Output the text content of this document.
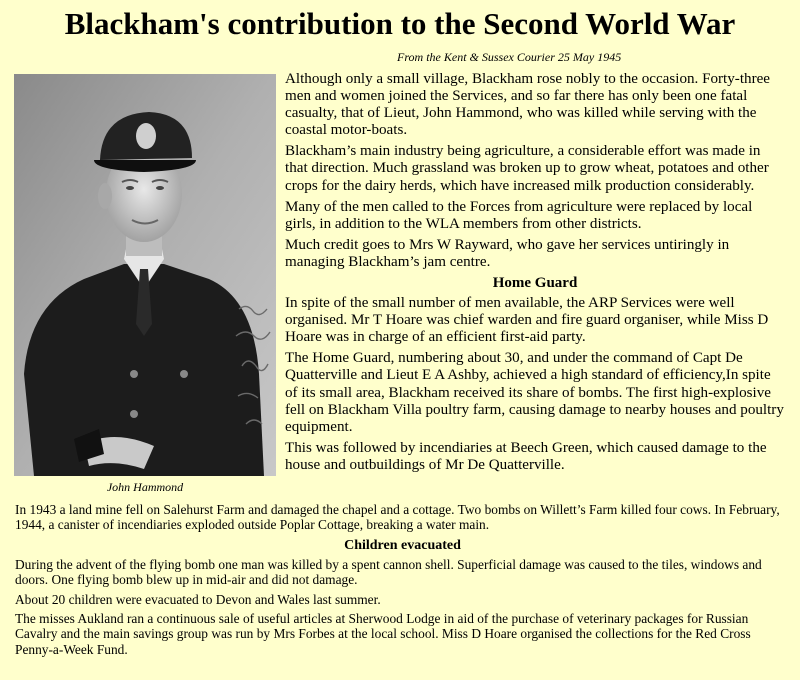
Blackham's contribution to the Second World War
From the Kent & Sussex Courier 25 May 1945
John Hammond

Although only a small village, Blackham rose nobly to the occasion. Forty-three men and women joined the Services, and so far there has only been one fatal casualty, that of Lieut, John Hammond, who was killed while serving with the coastal motor-boats.

Blackham’s main industry being agriculture, a considerable effort was made in that direction. Much grassland was broken up to grow wheat, potatoes and other crops for the dairy herds, which have increased milk production considerably.

Many of the men called to the Forces from agriculture were replaced by local girls, in addition to the WLA members from other districts.

Much credit goes to Mrs W Rayward, who gave her services untiringly in managing Blackham’s jam centre.

Home Guard

In spite of the small number of men available, the ARP Services were well organised. Mr T Hoare was chief warden and fire guard organiser, while Miss D Hoare was in charge of an efficient first-aid party.

The Home Guard, numbering about 30, and under the command of Capt De Quatterville and Lieut E A Ashby, achieved a high standard of efficiency,In spite of its small area, Blackham received its share of bombs. The first high-explosive fell on Blackham Villa poultry farm, causing damage to nearby houses and poultry equipment.

This was followed by incendiaries at Beech Green, which caused damage to the house and outbuildings of Mr De Quatterville.

In 1943 a land mine fell on Salehurst Farm and damaged the chapel and a cottage. Two bombs on Willett’s Farm killed four cows. In February, 1944, a canister of incendiaries exploded outside Poplar Cottage, breaking a water main.

Children evacuated

During the advent of the flying bomb one man was killed by a spent cannon shell. Superficial damage was caused to the tiles, windows and doors. One flying bomb blew up in mid-air and did not damage.

About 20 children were evacuated to Devon and Wales last summer.

The misses Aukland ran a continuous sale of useful articles at Sherwood Lodge in aid of the purchase of veterinary packages for Russian Cavalry and the main savings group was run by Mrs Forbes at the local school. Miss D Hoare organised the collections for the Red Cross Penny-a-Week Fund.
